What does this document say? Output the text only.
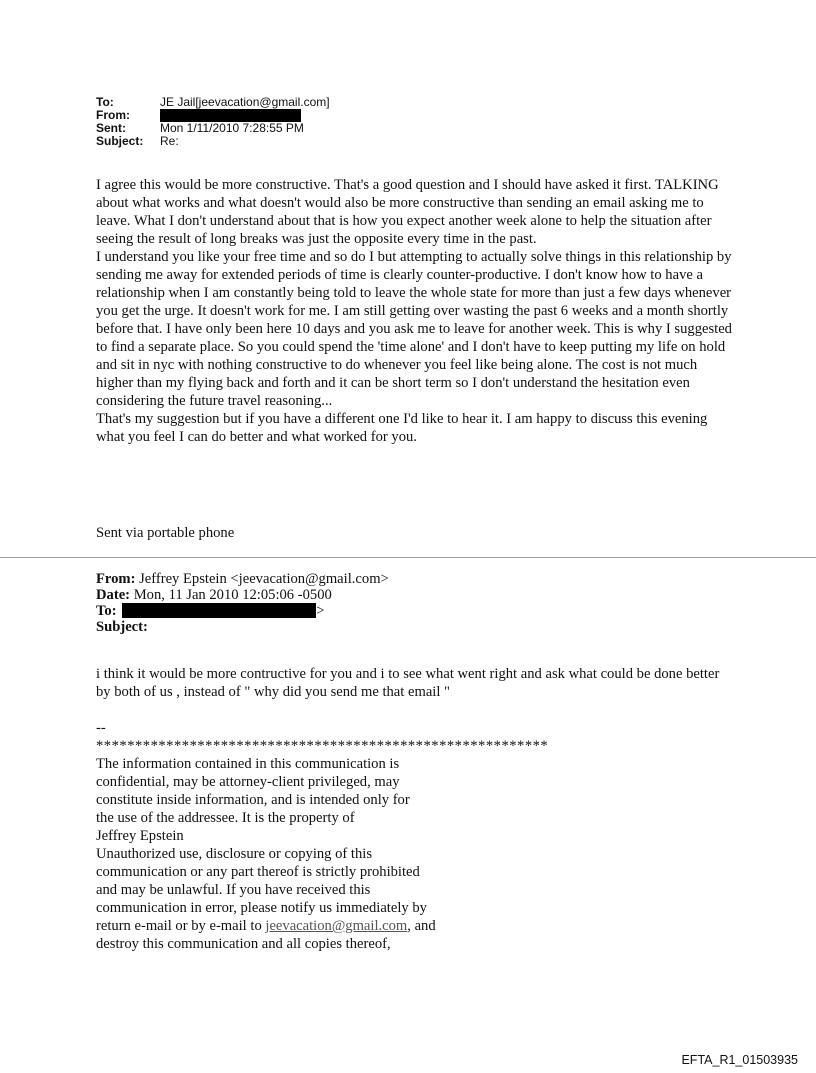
To:	JE Jail[jeevacation@gmail.com]
From:
Sent:	Mon 1/11/2010 7:28:55 PM
Subject:	Re:

I agree this would be more constructive. That's a good question and I should have asked it first. TALKING about what works and what doesn't would also be more constructive than sending an email asking me to leave. What I don't understand about that is how you expect another week alone to help the situation after seeing the result of long breaks was just the opposite every time in the past.

I understand you like your free time and so do I but attempting to actually solve things in this relationship by sending me away for extended periods of time is clearly counter-productive. I don't know how to have a relationship when I am constantly being told to leave the whole state for more than just a few days whenever you get the urge. It doesn't work for me. I am still getting over wasting the past 6 weeks and a month shortly before that. I have only been here 10 days and you ask me to leave for another week. This is why I suggested to find a separate place. So you could spend the 'time alone' and I don't have to keep putting my life on hold and sit in nyc with nothing constructive to do whenever you feel like being alone. The cost is not much higher than my flying back and forth and it can be short term so I don't understand the hesitation even considering the future travel reasoning...

That's my suggestion but if you have a different one I'd like to hear it. I am happy to discuss this evening what you feel I can do better and what worked for you.

Sent via portable phone
From: Jeffrey Epstein <jeevacation@gmail.com>
Date: Mon, 11 Jan 2010 12:05:06 -0500
To:	>
Subject:
i think it would be more contructive for you and i to see what went right and ask what could be done better by both of us , instead of " why did you send me that email "
--
**********************************************************
The information contained in this communication is
confidential, may be attorney-client privileged, may
constitute inside information, and is intended only for
the use of the addressee. It is the property of
Jeffrey Epstein
Unauthorized use, disclosure or copying of this
communication or any part thereof is strictly prohibited
and may be unlawful. If you have received this
communication in error, please notify us immediately by
return e-mail or by e-mail to jeevacation@gmail.com, and
destroy this communication and all copies thereof,
EFTA_R1_01503935
